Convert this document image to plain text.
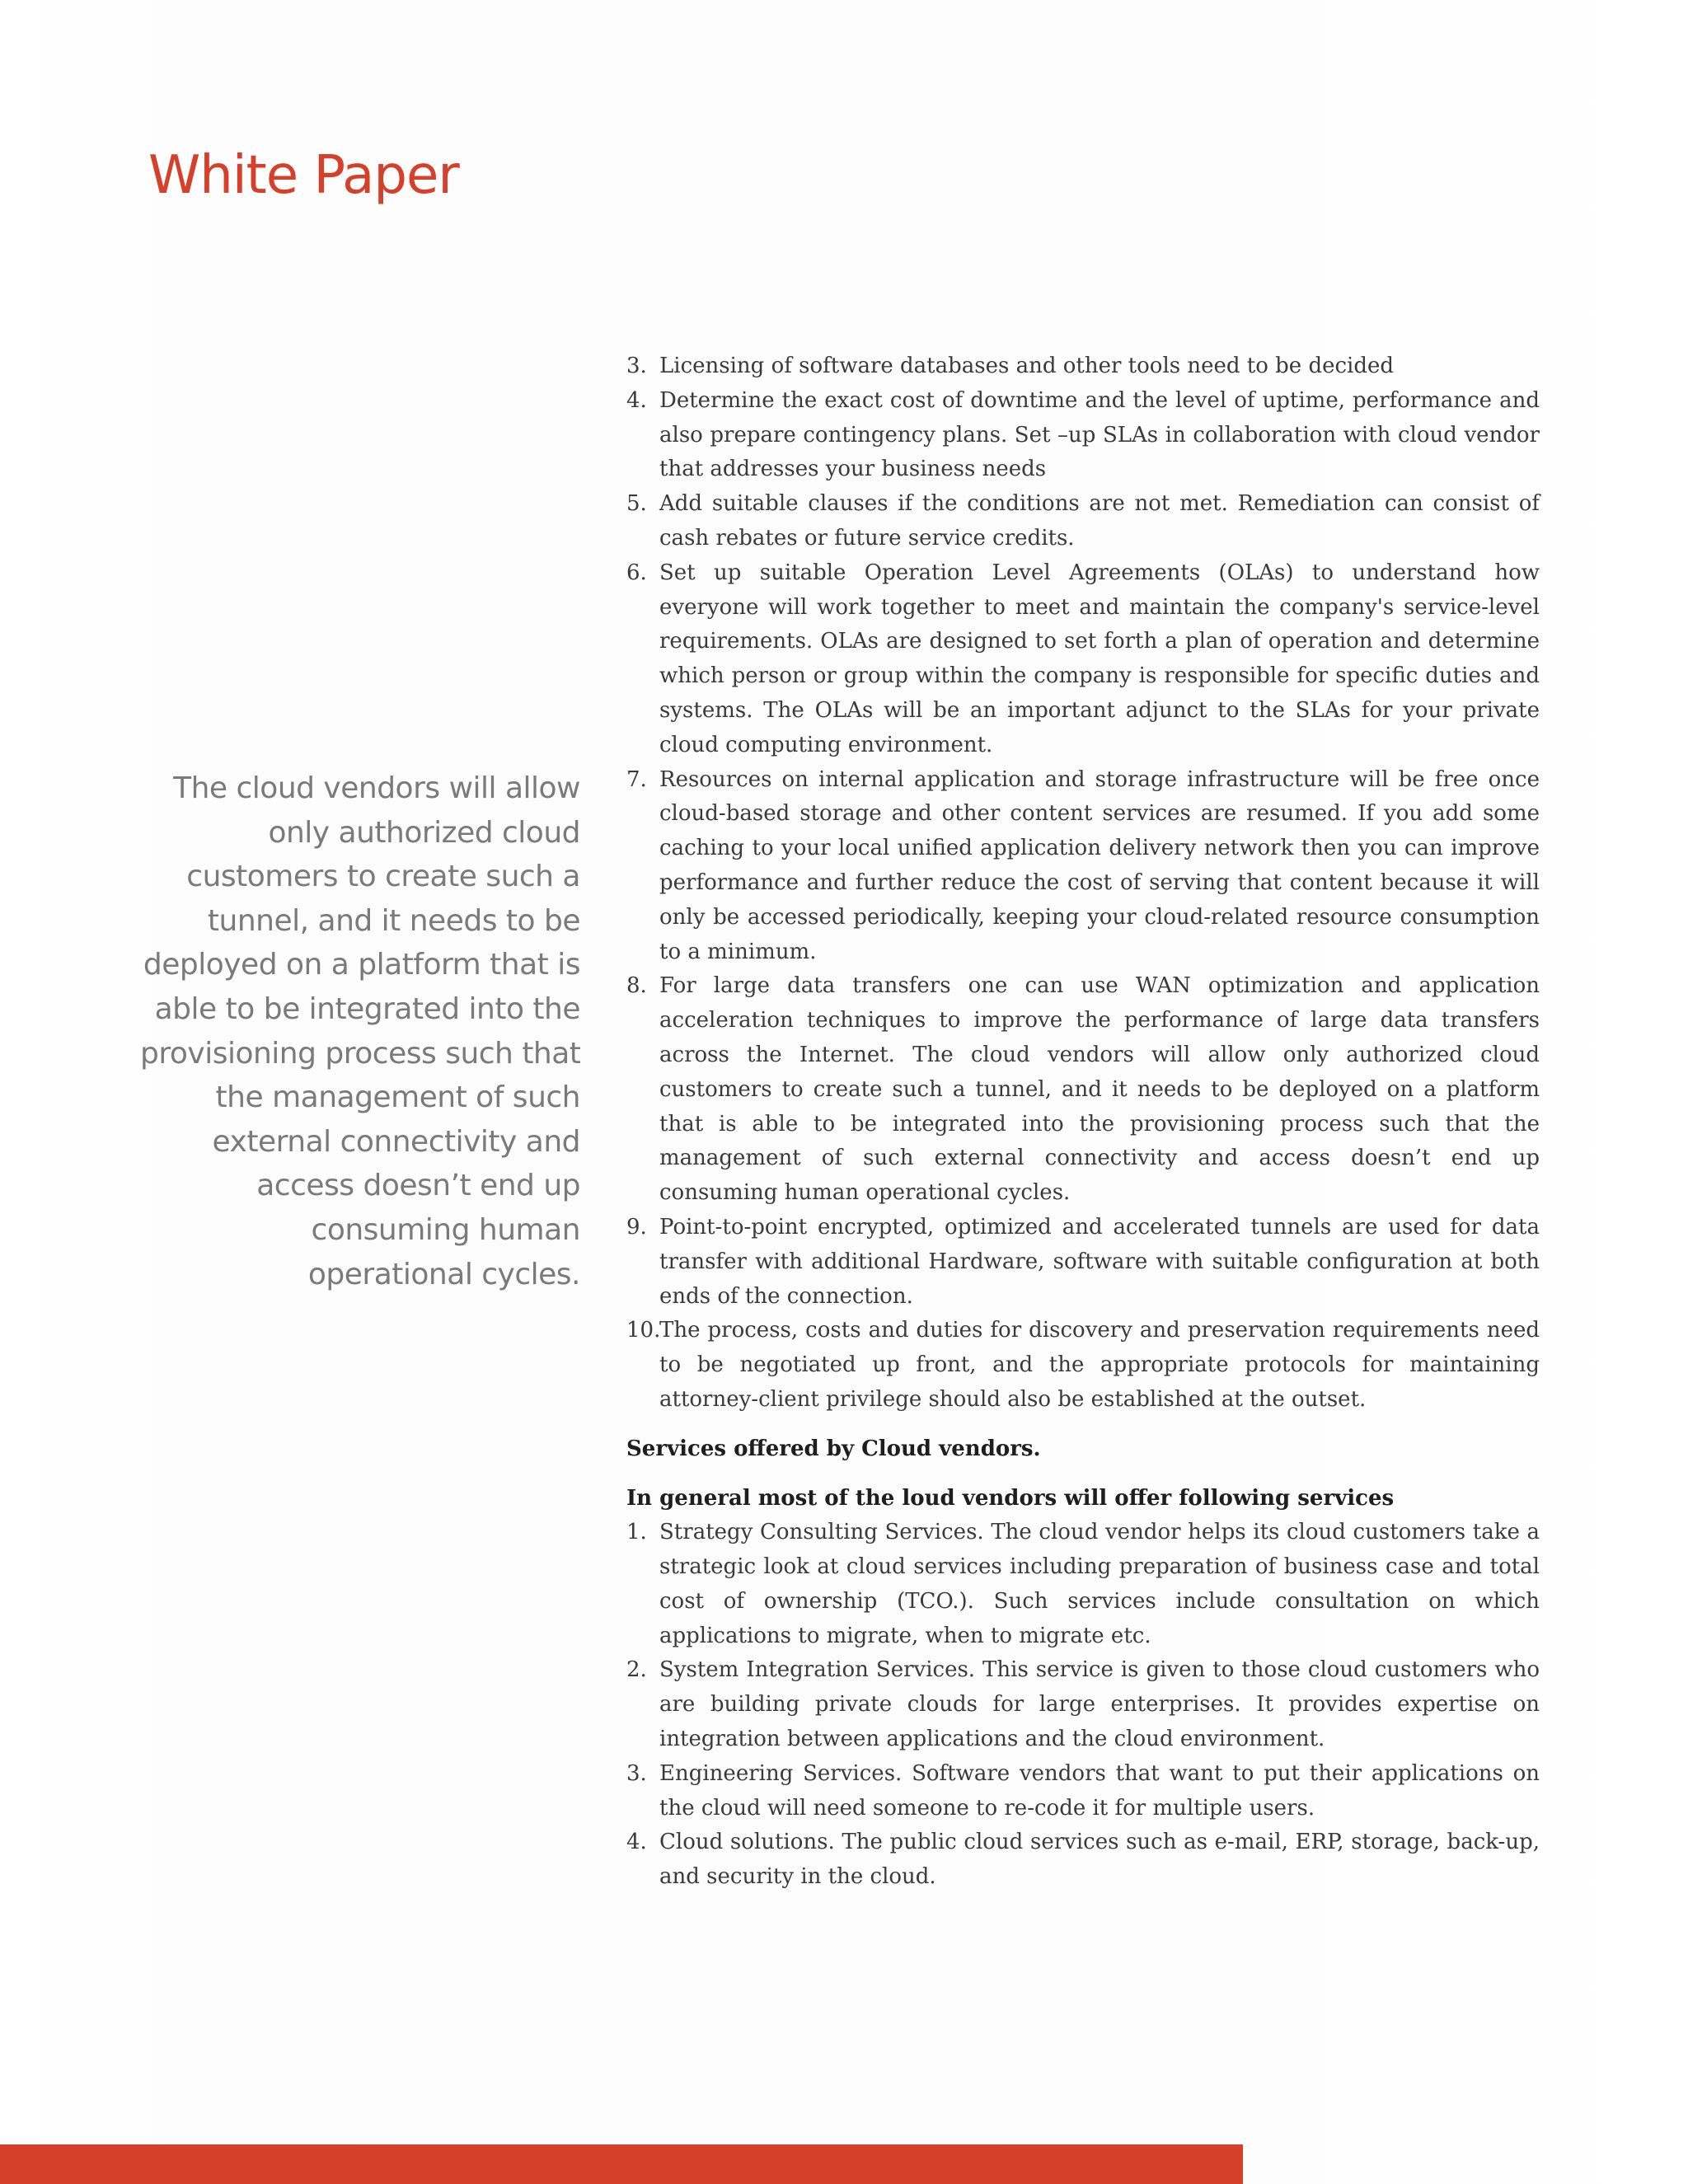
White Paper

The cloud vendors will allow
only authorized cloud
customers to create such a
tunnel, and it needs to be
deployed on a platform that is
able to be integrated into the
provisioning process such that
the management of such
external connectivity and
access doesn’t end up
consuming human
operational cycles.

3. Licensing of software databases and other tools need to be decided
4. Determine the exact cost of downtime and the level of uptime, performance and also prepare contingency plans. Set –up SLAs in collaboration with cloud vendor that addresses your business needs
5. Add suitable clauses if the conditions are not met. Remediation can consist of cash rebates or future service credits.
6. Set up suitable Operation Level Agreements (OLAs) to understand how everyone will work together to meet and maintain the company's service-level requirements. OLAs are designed to set forth a plan of operation and determine which person or group within the company is responsible for specific duties and systems. The OLAs will be an important adjunct to the SLAs for your private cloud computing environment.
7. Resources on internal application and storage infrastructure will be free once cloud-based storage and other content services are resumed. If you add some caching to your local unified application delivery network then you can improve performance and further reduce the cost of serving that content because it will only be accessed periodically, keeping your cloud-related resource consumption to a minimum.
8. For large data transfers one can use WAN optimization and application acceleration techniques to improve the performance of large data transfers across the Internet. The cloud vendors will allow only authorized cloud customers to create such a tunnel, and it needs to be deployed on a platform that is able to be integrated into the provisioning process such that the management of such external connectivity and access doesn’t end up consuming human operational cycles.
9. Point-to-point encrypted, optimized and accelerated tunnels are used for data transfer with additional Hardware, software with suitable configuration at both ends of the connection.
10.
The process, costs and duties for discovery and preservation requirements need to be negotiated up front, and the appropriate protocols for maintaining attorney-client privilege should also be established at the outset.

Services offered by Cloud vendors.

In general most of the loud vendors will offer following services

1. Strategy Consulting Services. The cloud vendor helps its cloud customers take a strategic look at cloud services including preparation of business case and total cost of ownership (TCO.). Such services include consultation on which applications to migrate, when to migrate etc.
2. System Integration Services. This service is given to those cloud customers who are building private clouds for large enterprises. It provides expertise on integration between applications and the cloud environment.
3. Engineering Services. Software vendors that want to put their applications on the cloud will need someone to re-code it for multiple users.
4. Cloud solutions. The public cloud services such as e-mail, ERP, storage, back-up, and security in the cloud.
